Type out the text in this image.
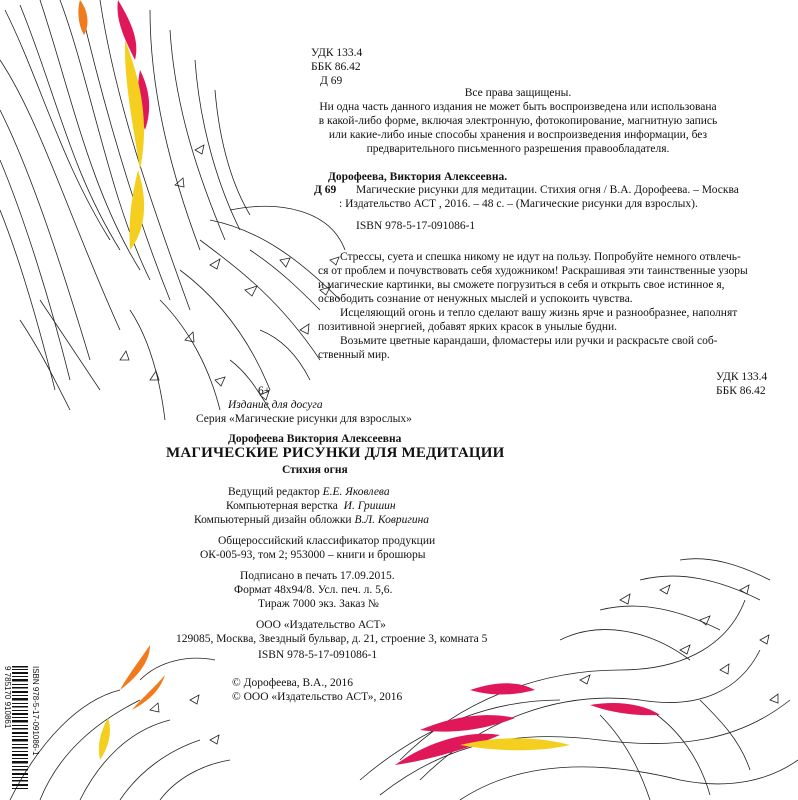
УДК 133.4
ББК 86.42
Д 69
Все права защищены.
Ни одна часть данного издания не может быть воспроизведена или использована
в какой-либо форме, включая электронную, фотокопирование, магнитную запись
или какие-либо иные способы хранения и воспроизведения информации, без
предварительного письменного разрешения правообладателя.
Дорофеева, Виктория Алексеевна.
Д 69 Магические рисунки для медитации. Стихия огня / В.А. Дорофеева. – Москва
: Издательство АСТ , 2016. – 48 с. – (Магические рисунки для взрослых).
ISBN 978-5-17-091086-1
Стрессы, суета и спешка никому не идут на пользу. Попробуйте немного отвлечь-
ся от проблем и почувствовать себя художником! Раскрашивая эти таинственные узоры
и магические картинки, вы сможете погрузиться в себя и открыть свое истинное я,
освободить сознание от ненужных мыслей и успокоить чувства.
Исцеляющий огонь и тепло сделают вашу жизнь ярче и разнообразнее, наполнят
позитивной энергией, добавят ярких красок в унылые будни.
Возьмите цветные карандаши, фломастеры или ручки и раскрасьте свой соб-
ственный мир.
УДК 133.4
ББК 86.42
6+
Издание для досуга
Серия «Магические рисунки для взрослых»
Дорофеева Виктория Алексеевна
МАГИЧЕСКИЕ РИСУНКИ ДЛЯ МЕДИТАЦИИ
Стихия огня
Ведущий редактор Е.Е. Яковлева
Компьютерная верстка И. Гришин
Компьютерный дизайн обложки В.Л. Ковригина
Общероссийский классификатор продукции
ОК-005-93, том 2; 953000 – книги и брошюры
Подписано в печать 17.09.2015.
Формат 48x94/8. Усл. печ. л. 5,6.
Тираж 7000 экз. Заказ №
ООО «Издательство АСТ»
129085, Москва, Звездный бульвар, д. 21, строение 3, комната 5
ISBN 978-5-17-091086-1
© Дорофеева, В.А., 2016
© ООО «Издательство АСТ», 2016
9 785170 910861 ISBN 978-5-17-091086-1
